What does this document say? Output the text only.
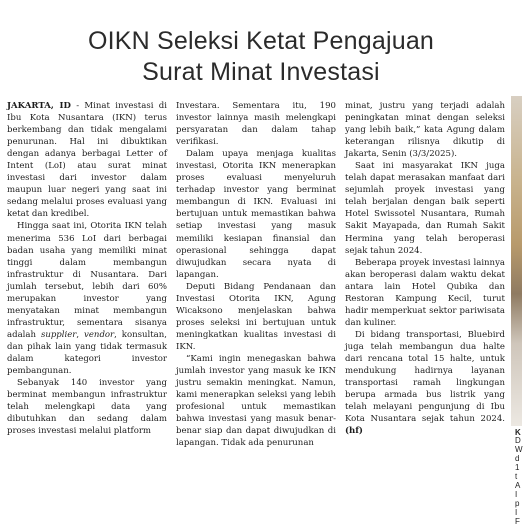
OIKN Seleksi Ketat Pengajuan
Surat Minat Investasi

JAKARTA, ID - Minat investasi di Ibu Kota Nusantara (IKN) terus berkembang dan tidak mengalami penurunan. Hal ini dibuktikan dengan adanya berbagai Letter of Intent (LoI) atau surat minat investasi dari investor dalam maupun luar negeri yang saat ini sedang melalui proses evaluasi yang ketat dan kredibel.

Hingga saat ini, Otorita IKN telah menerima 536 LoI dari berbagai badan usaha yang memiliki minat tinggi dalam membangun infrastruktur di Nusantara. Dari jumlah tersebut, lebih dari 60% merupakan investor yang menyatakan minat membangun infrastruktur, sementara sisanya adalah supplier, vendor, konsultan, dan pihak lain yang tidak termasuk dalam kategori investor pembangunan.

Sebanyak 140 investor yang berminat membangun infrastruktur telah melengkapi data yang dibutuhkan dan sedang dalam proses investasi melalui platform

Investara. Sementara itu, 190 investor lainnya masih melengkapi persyaratan dan dalam tahap verifikasi.

Dalam upaya menjaga kualitas investasi, Otorita IKN menerapkan proses evaluasi menyeluruh terhadap investor yang berminat membangun di IKN. Evaluasi ini bertujuan untuk memastikan bahwa setiap investasi yang masuk memiliki kesiapan finansial dan operasional sehingga dapat diwujudkan secara nyata di lapangan.

Deputi Bidang Pendanaan dan Investasi Otorita IKN, Agung Wicaksono menjelaskan bahwa proses seleksi ini bertujuan untuk meningkatkan kualitas investasi di IKN.

“Kami ingin menegaskan bahwa jumlah investor yang masuk ke IKN justru semakin meningkat. Namun, kami menerapkan seleksi yang lebih profesional untuk memastikan bahwa investasi yang masuk benar-benar siap dan dapat diwujudkan di lapangan. Tidak ada penurunan

minat, justru yang terjadi adalah peningkatan minat dengan seleksi yang lebih baik,” kata Agung dalam keterangan rilisnya dikutip di Jakarta, Senin (3/3/2025).

Saat ini masyarakat IKN juga telah dapat merasakan manfaat dari sejumlah proyek investasi yang telah berjalan dengan baik seperti Hotel Swissotel Nusantara, Rumah Sakit Mayapada, dan Rumah Sakit Hermina yang telah beroperasi sejak tahun 2024.

Beberapa proyek investasi lainnya akan beroperasi dalam waktu dekat antara lain Hotel Qubika dan Restoran Kampung Kecil, turut hadir memperkuat sektor pariwisata dan kuliner.

Di bidang transportasi, Bluebird juga telah membangun dua halte dari rencana total 15 halte, untuk mendukung hadirnya layanan transportasi ramah lingkungan berupa armada bus listrik yang telah melayani pengunjung di Ibu Kota Nusantara sejak tahun 2024. (hf)	K
D
W
d
1
t
A
I
p
I
F
